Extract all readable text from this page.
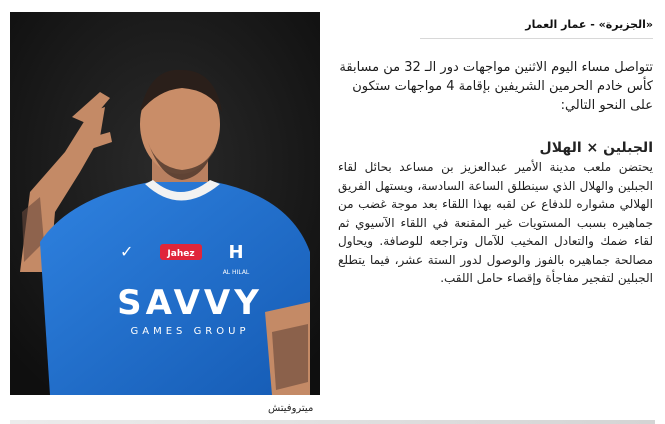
«الجزيرة» - عمار العمار
✓	Jahez H
AL HILAL
SAVVY
GAMES GROUP
ميتروفيتش
تتواصل مساء اليوم الاثنين مواجهات دور الـ 32 من مسابقة كأس خادم الحرمين الشريفين بإقامة 4 مواجهات ستكون على النحو التالي:
الجبلين × الهلال
يحتضن ملعب مدينة الأمير عبدالعزيز بن مساعد بحائل لقاء الجبلين والهلال الذي سينطلق الساعة السادسة، ويستهل الفريق الهلالي مشواره للدفاع عن لقبه بهذا اللقاء بعد موجة غضب من جماهيره بسبب المستويات غير المقنعة في اللقاء الآسيوي ثم لقاء ضمك والتعادل المخيب للآمال وتراجعه للوصافة. ويحاول مصالحة جماهيره بالفوز والوصول لدور الستة عشر، فيما يتطلع الجبلين لتفجير مفاجأة وإقصاء حامل اللقب.
